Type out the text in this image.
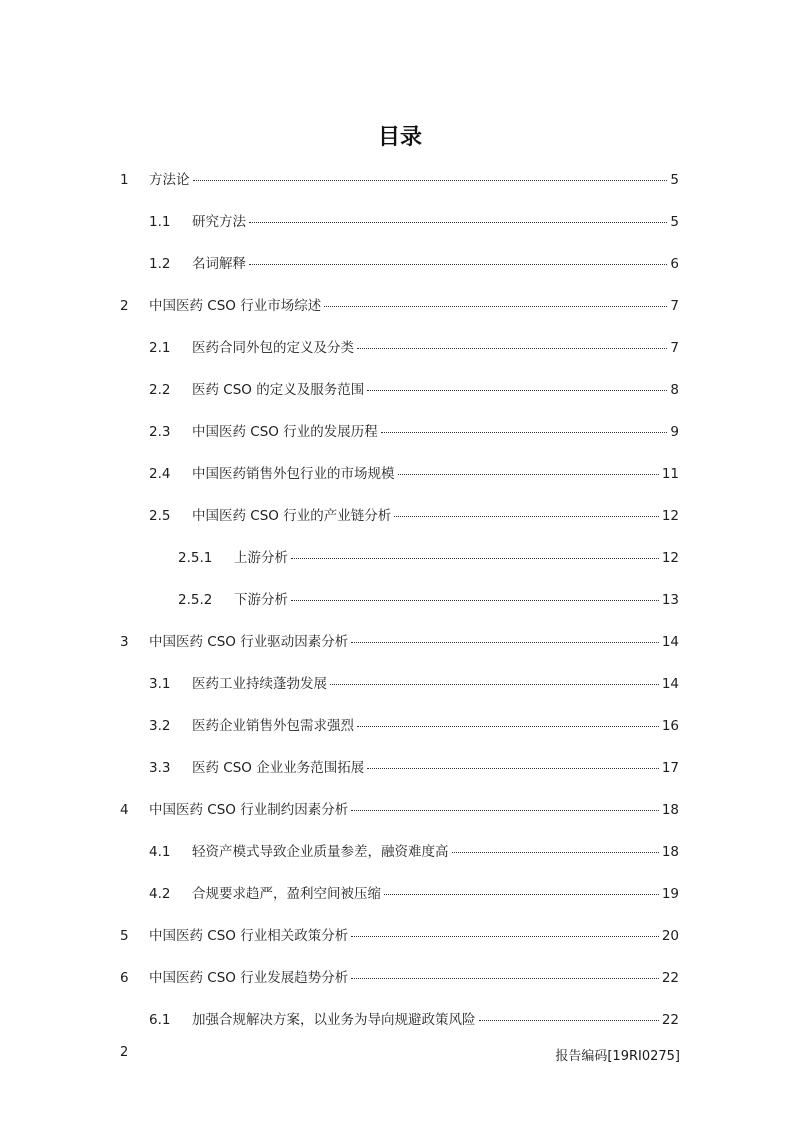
目录
1	方法论	5
1.1	研究方法	5
1.2	名词解释	6
2	中国医药 CSO 行业市场综述	7
2.1	医药合同外包的定义及分类	7
2.2	医药 CSO 的定义及服务范围	8
2.3	中国医药 CSO 行业的发展历程	9
2.4	中国医药销售外包行业的市场规模	11
2.5	中国医药 CSO 行业的产业链分析	12
2.5.1	上游分析	12
2.5.2	下游分析	13
3	中国医药 CSO 行业驱动因素分析	14
3.1	医药工业持续蓬勃发展	14
3.2	医药企业销售外包需求强烈	16
3.3	医药 CSO 企业业务范围拓展	17
4	中国医药 CSO 行业制约因素分析	18
4.1	轻资产模式导致企业质量参差，融资难度高	18
4.2	合规要求趋严，盈利空间被压缩	19
5	中国医药 CSO 行业相关政策分析	20
6	中国医药 CSO 行业发展趋势分析	22
6.1	加强合规解决方案，以业务为导向规避政策风险	22
2	报告编码[19RI0275]
